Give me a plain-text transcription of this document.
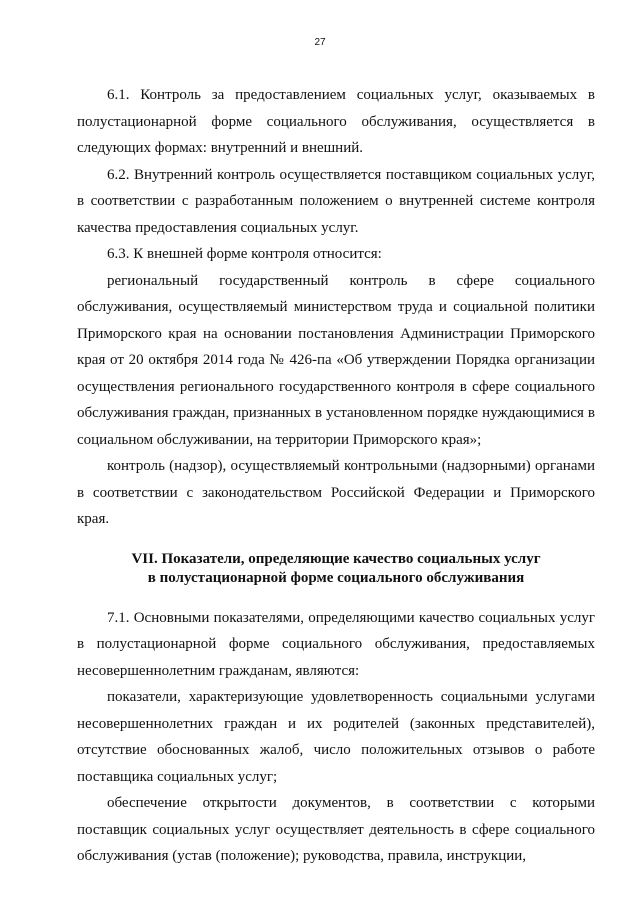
27

6.1. Контроль за предоставлением социальных услуг, оказываемых в полустационарной форме социального обслуживания, осуществляется в следующих формах: внутренний и внешний.

6.2. Внутренний контроль осуществляется поставщиком социальных услуг, в соответствии с разработанным положением о внутренней системе контроля качества предоставления социальных услуг.

6.3. К внешней форме контроля относится:

региональный государственный контроль в сфере социального обслуживания, осуществляемый министерством труда и социальной политики Приморского края на основании постановления Администрации Приморского края от 20 октября 2014 года № 426-па «Об утверждении Порядка организации осуществления регионального государственного контроля в сфере социального обслуживания граждан, признанных в установленном порядке нуждающимися в социальном обслуживании, на территории Приморского края»;

контроль (надзор), осуществляемый контрольными (надзорными) органами в соответствии с законодательством Российской Федерации и Приморского края.

VII. Показатели, определяющие качество социальных услуг
в полустационарной форме социального обслуживания

7.1. Основными показателями, определяющими качество социальных услуг в полустационарной форме социального обслуживания, предоставляемых несовершеннолетним гражданам, являются:

показатели, характеризующие удовлетворенность социальными услугами несовершеннолетних граждан и их родителей (законных представителей), отсутствие обоснованных жалоб, число положительных отзывов о работе поставщика социальных услуг;

обеспечение открытости документов, в соответствии с которыми поставщик социальных услуг осуществляет деятельность в сфере социального обслуживания (устав (положение); руководства, правила, инструкции,
